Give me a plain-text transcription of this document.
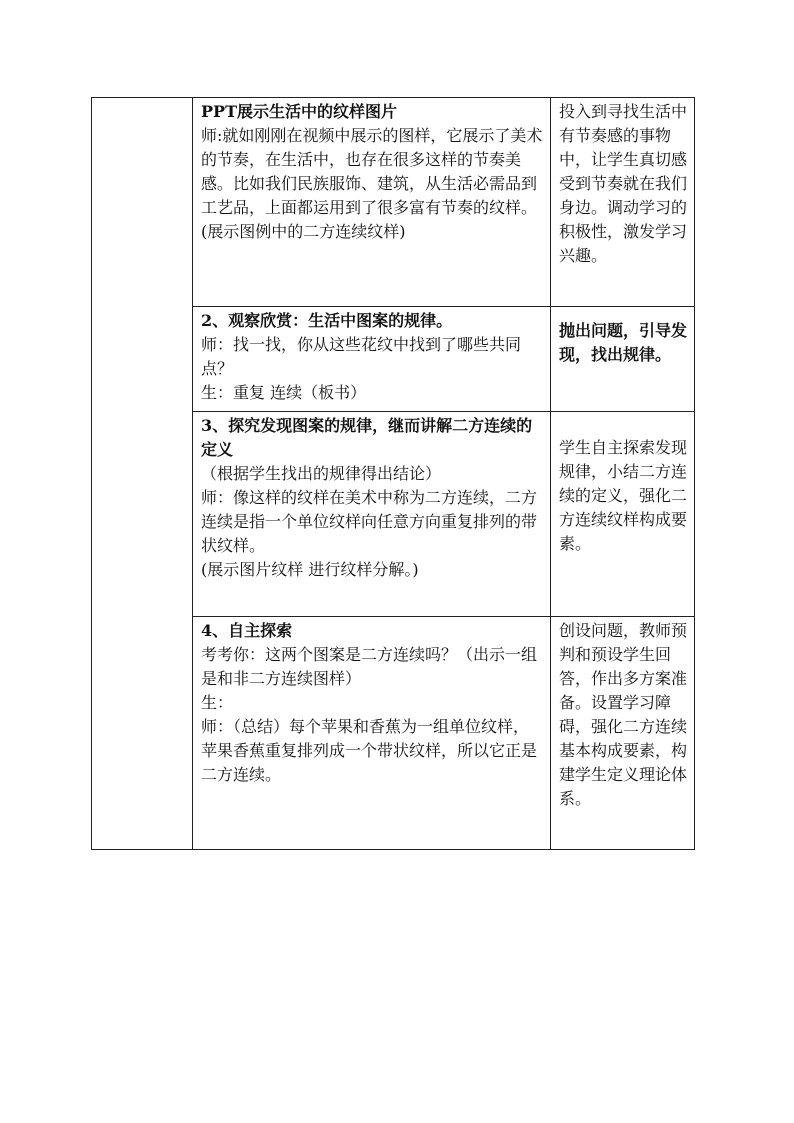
	PPT展示生活中的纹样图片
师:就如刚刚在视频中展示的图样，它展示了美术的节奏，在生活中，也存在很多这样的节奏美感。比如我们民族服饰、建筑，从生活必需品到工艺品，上面都运用到了很多富有节奏的纹样。
(展示图例中的二方连续纹样)	投入到寻找生活中有节奏感的事物中，让学生真切感受到节奏就在我们身边。调动学习的积极性，激发学习兴趣。

	2、观察欣赏：生活中图案的规律。
师：找一找，你从这些花纹中找到了哪些共同点？
生：重复 连续（板书）	抛出问题，引导发现，找出规律。

	3、探究发现图案的规律，继而讲解二方连续的定义
（根据学生找出的规律得出结论）
师：像这样的纹样在美术中称为二方连续，二方连续是指一个单位纹样向任意方向重复排列的带状纹样。
(展示图片纹样 进行纹样分解。)	学生自主探索发现规律，小结二方连续的定义，强化二方连续纹样构成要素。

	4、自主探索
考考你：这两个图案是二方连续吗？（出示一组是和非二方连续图样）
生：
师：（总结）每个苹果和香蕉为一组单位纹样，苹果香蕉重复排列成一个带状纹样，所以它正是二方连续。	创设问题，教师预判和预设学生回答，作出多方案准备。设置学习障碍，强化二方连续基本构成要素，构建学生定义理论体系。
